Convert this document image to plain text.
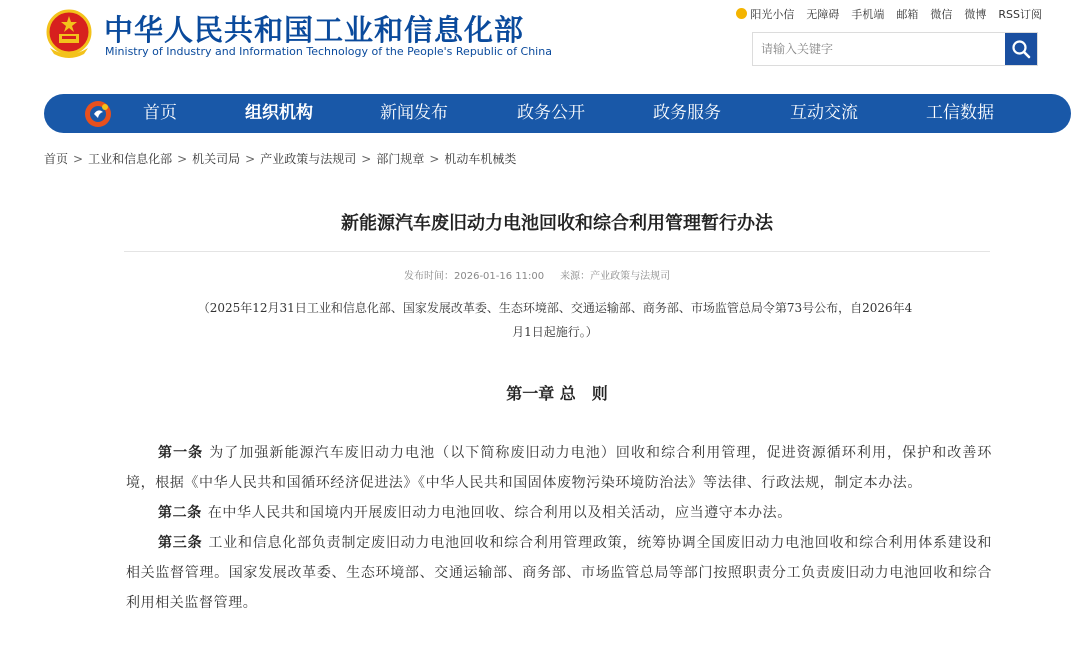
中华人民共和国工业和信息化部
Ministry of Industry and Information Technology of the People's Republic of China
阳光小信 无障碍 手机端 邮箱 微信 微博 RSS订阅
请输入关键字
首页	组织机构	新闻发布	政务公开	政务服务	互动交流	工信数据
首页 > 工业和信息化部 > 机关司局 > 产业政策与法规司 > 部门规章 > 机动车机械类
新能源汽车废旧动力电池回收和综合利用管理暂行办法
发布时间：2026-01-16 11:00 来源：产业政策与法规司
（2025年12月31日工业和信息化部、国家发展改革委、生态环境部、交通运输部、商务部、市场监管总局令第73号公布，自2026年4
月1日起施行。）
第一章 总　则

第一条 为了加强新能源汽车废旧动力电池（以下简称废旧动力电池）回收和综合利用管理，促进资源循环利用，保护和改善环境，根据《中华人民共和国循环经济促进法》《中华人民共和国固体废物污染环境防治法》等法律、行政法规，制定本办法。

第二条 在中华人民共和国境内开展废旧动力电池回收、综合利用以及相关活动，应当遵守本办法。

第三条 工业和信息化部负责制定废旧动力电池回收和综合利用管理政策，统筹协调全国废旧动力电池回收和综合利用体系建设和相关监督管理。国家发展改革委、生态环境部、交通运输部、商务部、市场监管总局等部门按照职责分工负责废旧动力电池回收和综合利用相关监督管理。
